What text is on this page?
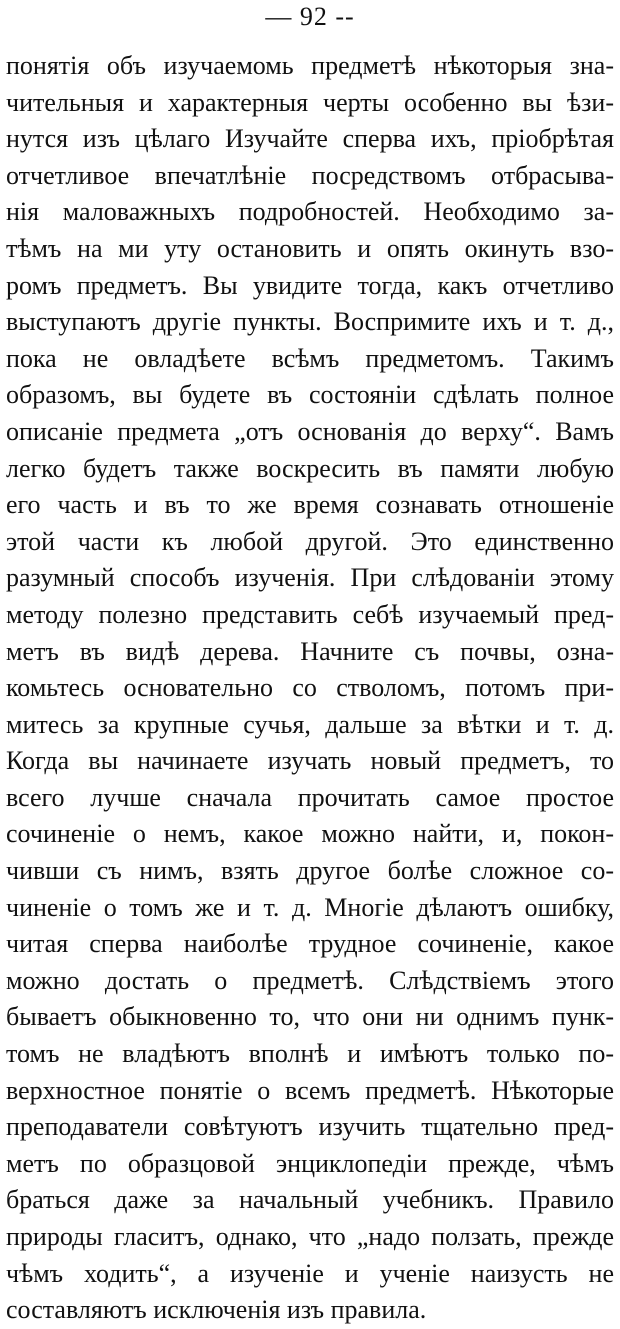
— 92 --
понятія объ изучаемомь предметѣ нѣкоторыя зна-
чительныя и характерныя черты особенно вы ѣзи-
нутся изъ цѣлаго Изучайте сперва ихъ, пріобрѣтая
отчетливое впечатлѣніе посредствомъ отбрасыва-
нія маловажныхъ подробностей. Необходимо за-
тѣмъ на ми уту остановить и опять окинуть взо-
ромъ предметъ. Вы увидите тогда, какъ отчетливо
выступаютъ другіе пункты. Воспримите ихъ и т. д.,
пока не овладѣете всѣмъ предметомъ. Такимъ
образомъ, вы будете въ состояніи сдѣлать полное
описаніе предмета „отъ основанія до верху“. Вамъ
легко будетъ также воскресить въ памяти любую
его часть и въ то же время сознавать отношеніе
этой части къ любой другой. Это единственно
разумный способъ изученія. При слѣдованіи этому
методу полезно представить себѣ изучаемый пред-
метъ въ видѣ дерева. Начните съ почвы, озна-
комьтесь основательно со стволомъ, потомъ при-
митесь за крупные сучья, дальше за вѣтки и т. д.
Когда вы начинаете изучать новый предметъ, то
всего лучше сначала прочитать самое простое
сочиненіе о немъ, какое можно найти, и, покон-
чивши съ нимъ, взять другое болѣе сложное со-
чиненіе о томъ же и т. д. Многіе дѣлаютъ ошибку,
читая сперва наиболѣе трудное сочиненіе, какое
можно достать о предметѣ. Слѣдствіемъ этого
бываетъ обыкновенно то, что они ни однимъ пунк-
томъ не владѣютъ вполнѣ и имѣютъ только по-
верхностное понятіе о всемъ предметѣ. Нѣкоторые
преподаватели совѣтуютъ изучить тщательно пред-
метъ по образцовой энциклопедіи прежде, чѣмъ
браться даже за начальный учебникъ. Правило
природы гласитъ, однако, что „надо ползать, прежде
чѣмъ ходить“, а изученіе и ученіе наизусть не
составляютъ исключенія изъ правила.
